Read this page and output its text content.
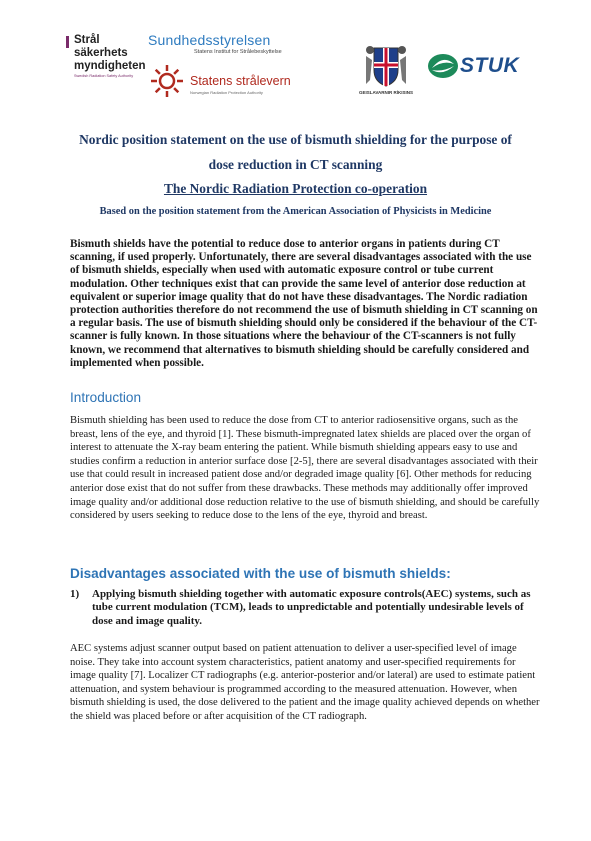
Strål
säkerhets
myndigheten
Swedish Radiation Safety Authority
Sundhedsstyrelsen
Statens Institut for Strålebeskyttelse
Statens strålevern
Norwegian Radiation Protection Authority	GEISLAVARNIR RÍKISINS
STUK
Nordic position statement on the use of bismuth shielding for the purpose of
dose reduction in CT scanning
The Nordic Radiation Protection co-operation
Based on the position statement from the American Association of Physicists in Medicine

Bismuth shields have the potential to reduce dose to anterior organs in patients during CT scanning, if used properly. Unfortunately, there are several disadvantages associated with the use of bismuth shields, especially when used with automatic exposure control or tube current modulation. Other techniques exist that can provide the same level of anterior dose reduction at equivalent or superior image quality that do not have these disadvantages. The Nordic radiation protection authorities therefore do not recommend the use of bismuth shielding in CT scanning on a regular basis. The use of bismuth shielding should only be considered if the behaviour of the CT-scanner is fully known. In those situations where the behaviour of the CT-scanners is not fully known, we recommend that alternatives to bismuth shielding should be carefully considered and implemented when possible.

Introduction
Bismuth shielding has been used to reduce the dose from CT to anterior radiosensitive organs, such as the breast, lens of the eye, and thyroid [1]. These bismuth-impregnated latex shields are placed over the organ of interest to attenuate the X-ray beam entering the patient. While bismuth shielding appears easy to use and studies confirm a reduction in anterior surface dose [2-5], there are several disadvantages associated with their use that could result in increased patient dose and/or degraded image quality [6]. Other methods for reducing anterior dose exist that do not suffer from these drawbacks. These methods may additionally offer improved image quality and/or additional dose reduction relative to the use of bismuth shielding, and should be carefully considered by users seeking to reduce dose to the lens of the eye, thyroid and breast.
Disadvantages associated with the use of bismuth shields:
1) Applying bismuth shielding together with automatic exposure controls(AEC) systems, such as tube current modulation (TCM), leads to unpredictable and potentially undesirable levels of dose and image quality.
AEC systems adjust scanner output based on patient attenuation to deliver a user-specified level of image noise. They take into account system characteristics, patient anatomy and user-specified requirements for image quality [7]. Localizer CT radiographs (e.g. anterior-posterior and/or lateral) are used to estimate patient attenuation, and system behaviour is programmed according to the measured attenuation. However, when bismuth shielding is used, the dose delivered to the patient and the image quality achieved depends on whether the shield was placed before or after acquisition of the CT radiograph.
